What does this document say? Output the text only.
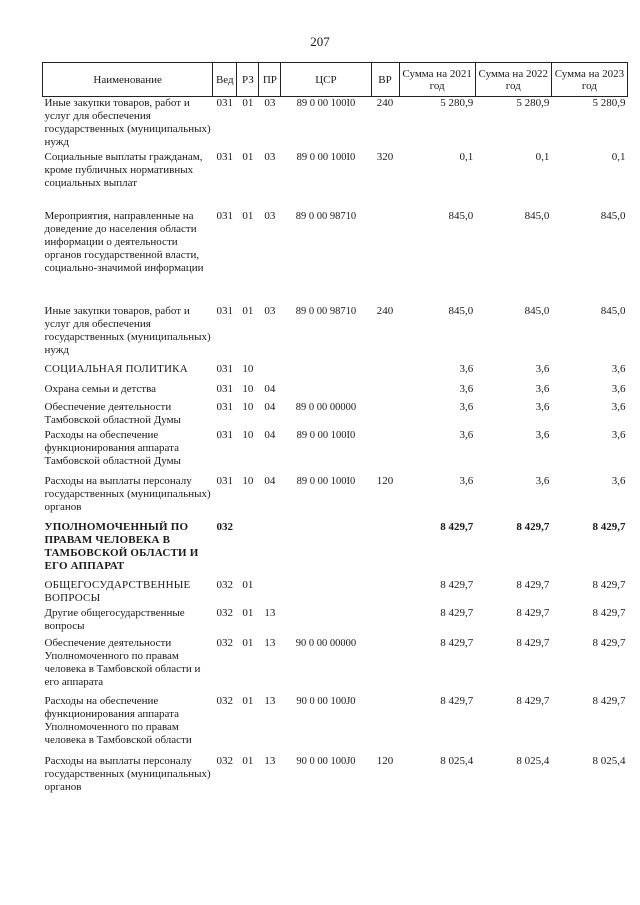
207
Наименование	Вед	РЗ	ПР	ЦСР	ВР	Сумма на 2021 год	Сумма на 2022 год	Сумма на 2023 год
Иные закупки товаров, работ и услуг для обеспечения государственных (муниципальных) нужд	031	01	03	89 0 00 100I0	240	5 280,9	5 280,9	5 280,9
Социальные выплаты гражданам, кроме публичных нормативных социальных выплат	031	01	03	89 0 00 100I0	320	0,1	0,1	0,1
Мероприятия, направленные на доведение до населения области информации о деятельности органов государственной власти, социально-значимой информации	031	01	03	89 0 00 98710		845,0	845,0	845,0
Иные закупки товаров, работ и услуг для обеспечения государственных (муниципальных) нужд	031	01	03	89 0 00 98710	240	845,0	845,0	845,0
СОЦИАЛЬНАЯ ПОЛИТИКА	031	10				3,6	3,6	3,6
Охрана семьи и детства	031	10	04			3,6	3,6	3,6
Обеспечение деятельности Тамбовской областной Думы	031	10	04	89 0 00 00000		3,6	3,6	3,6
Расходы на обеспечение функционирования аппарата Тамбовской областной Думы	031	10	04	89 0 00 100I0		3,6	3,6	3,6
Расходы на выплаты персоналу государственных (муниципальных) органов	031	10	04	89 0 00 100I0	120	3,6	3,6	3,6
УПОЛНОМОЧЕННЫЙ ПО ПРАВАМ ЧЕЛОВЕКА В ТАМБОВСКОЙ ОБЛАСТИ И ЕГО АППАРАТ	032					8 429,7	8 429,7	8 429,7
ОБЩЕГОСУДАРСТВЕННЫЕ ВОПРОСЫ	032	01				8 429,7	8 429,7	8 429,7
Другие общегосударственные вопросы	032	01	13			8 429,7	8 429,7	8 429,7
Обеспечение деятельности Уполномоченного по правам человека в Тамбовской области и его аппарата	032	01	13	90 0 00 00000		8 429,7	8 429,7	8 429,7
Расходы на обеспечение функционирования аппарата Уполномоченного по правам человека в Тамбовской области	032	01	13	90 0 00 100J0		8 429,7	8 429,7	8 429,7
Расходы на выплаты персоналу государственных (муниципальных) органов	032	01	13	90 0 00 100J0	120	8 025,4	8 025,4	8 025,4
